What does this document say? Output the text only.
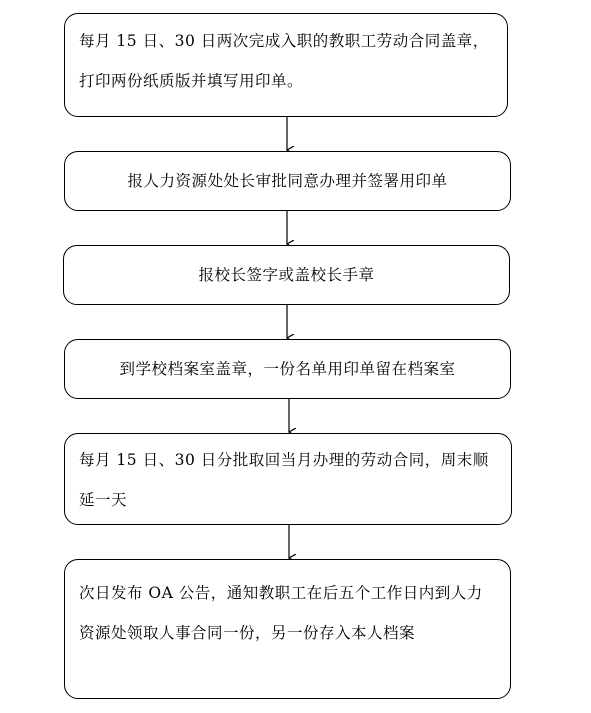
每月 15 日、30 日两次完成入职的教职工劳动合同盖章，打印两份纸质版并填写用印单。
报人力资源处处长审批同意办理并签署用印单
报校长签字或盖校长手章
到学校档案室盖章，一份名单用印单留在档案室
每月 15 日、30 日分批取回当月办理的劳动合同，周末顺延一天
次日发布 OA 公告，通知教职工在后五个工作日内到人力资源处领取人事合同一份，另一份存入本人档案
